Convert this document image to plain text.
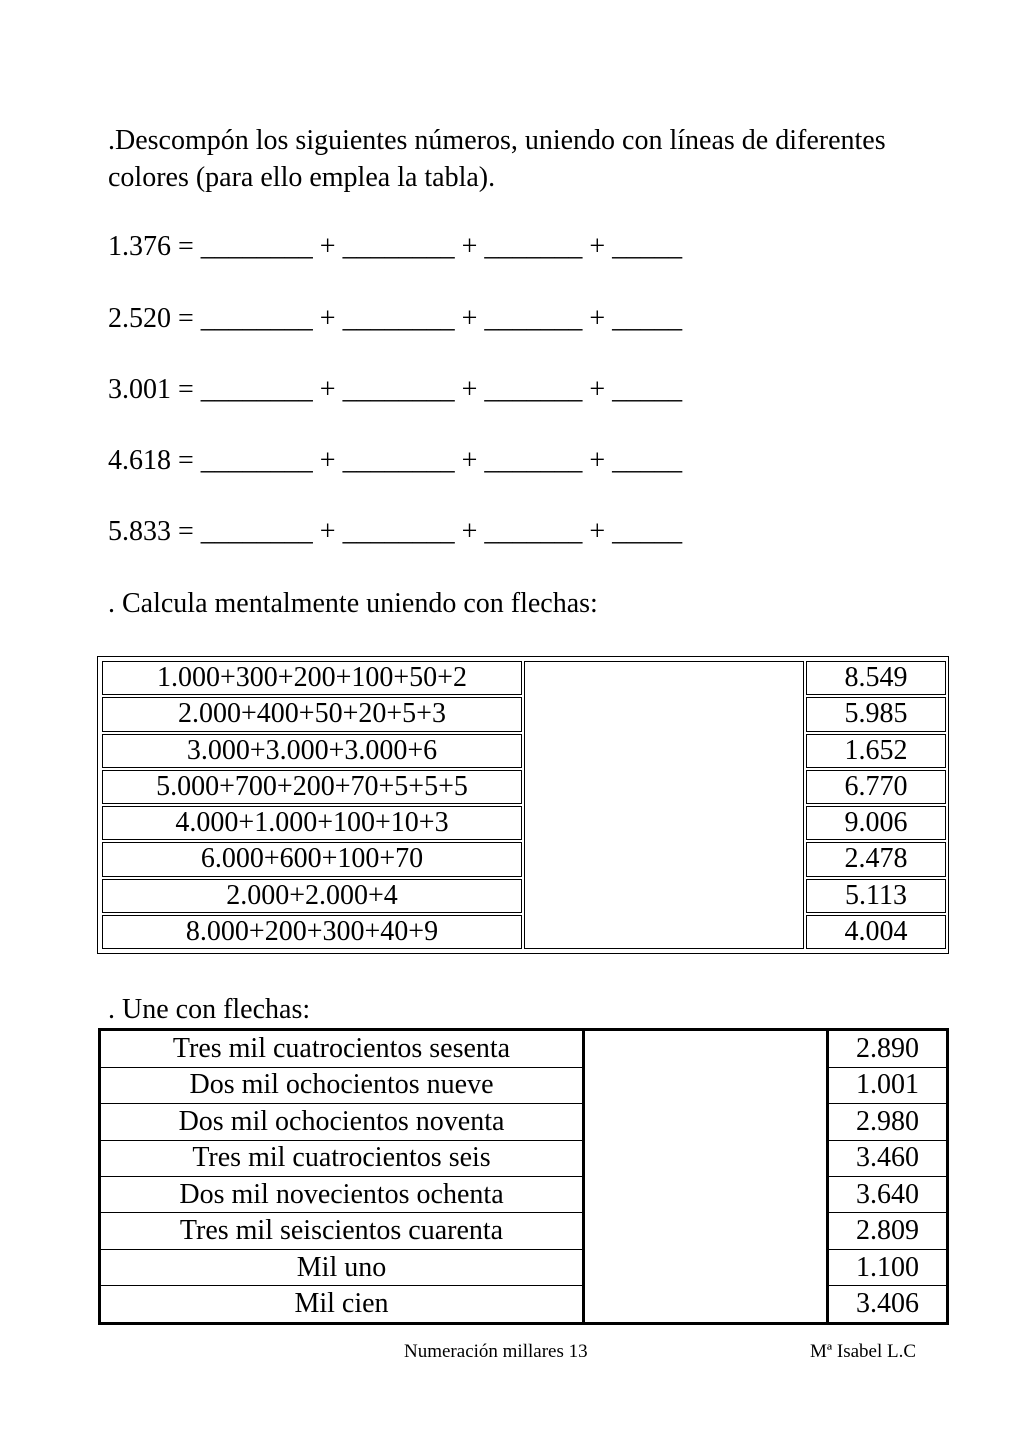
.Descompón los siguientes números, uniendo con líneas de diferentes colores (para ello emplea la tabla).

1.376 = ________ + ________ + _______ + _____

2.520 = ________ + ________ + _______ + _____

3.001 = ________ + ________ + _______ + _____

4.618 = ________ + ________ + _______ + _____

5.833 = ________ + ________ + _______ + _____

. Calcula mentalmente uniendo con flechas:

1.000+300+200+100+50+2		8.549
2.000+400+50+20+5+3		5.985
3.000+3.000+3.000+6		1.652
5.000+700+200+70+5+5+5		6.770
4.000+1.000+100+10+3		9.006
6.000+600+100+70		2.478
2.000+2.000+4		5.113
8.000+200+300+40+9		4.004

. Une con flechas:

Tres mil cuatrocientos sesenta		2.890
Dos mil ochocientos nueve		1.001
Dos mil ochocientos noventa		2.980
Tres mil cuatrocientos seis		3.460
Dos mil novecientos ochenta		3.640
Tres mil seiscientos cuarenta		2.809
Mil uno		1.100
Mil cien		3.406
Numeración millares 13	Mª Isabel L.C
